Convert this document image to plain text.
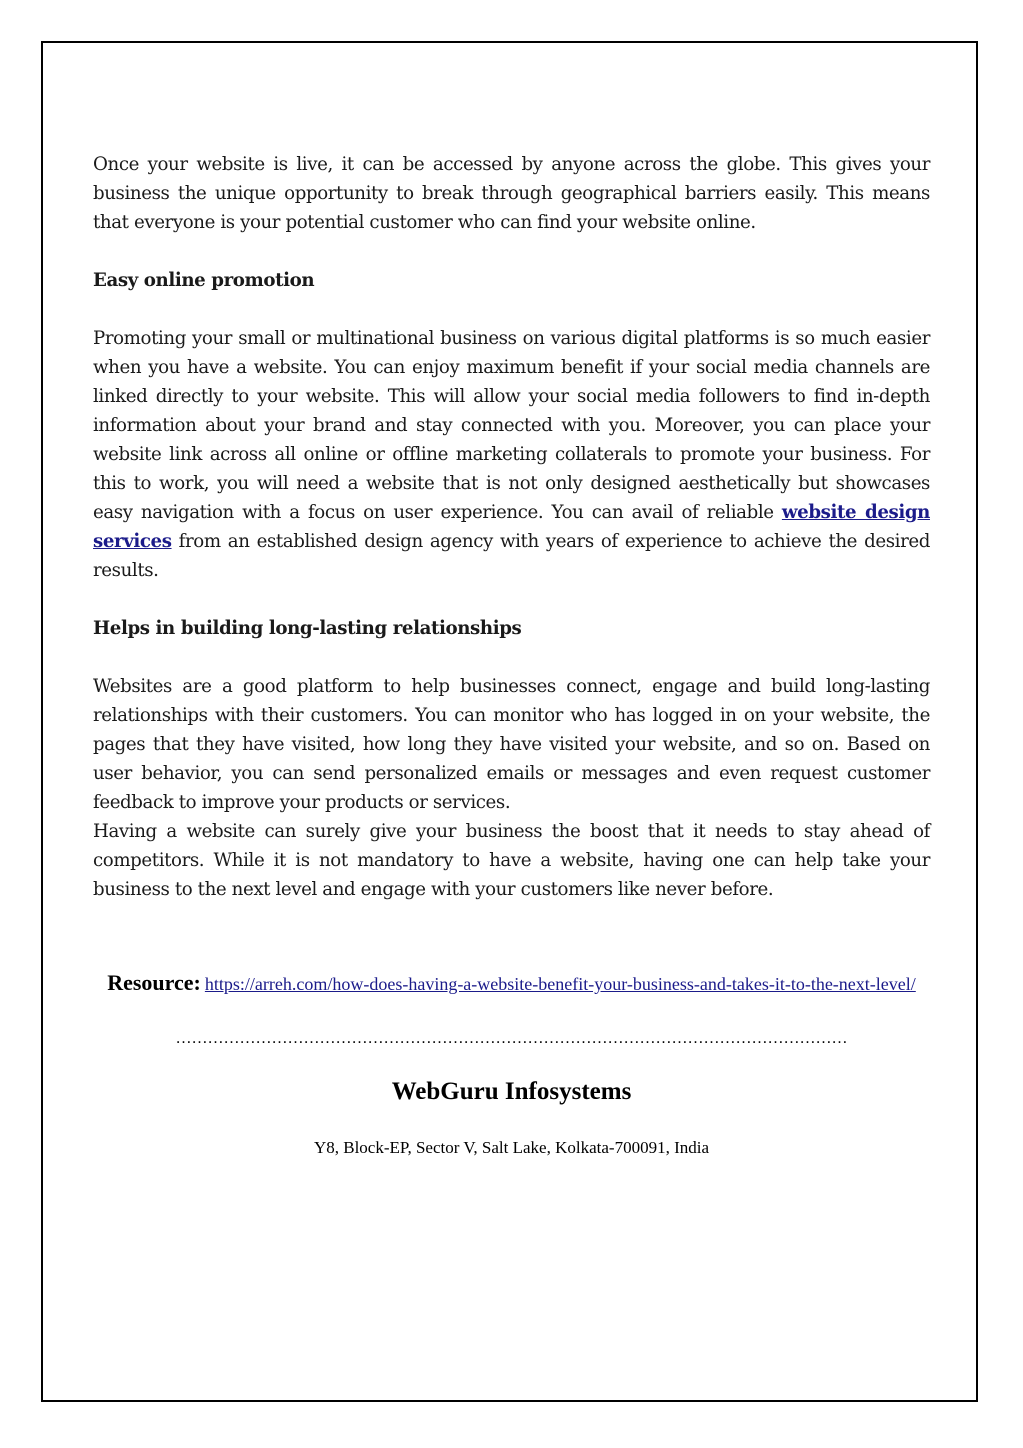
Once your website is live, it can be accessed by anyone across the globe. This gives your business the unique opportunity to break through geographical barriers easily. This means that everyone is your potential customer who can find your website online.

Easy online promotion

Promoting your small or multinational business on various digital platforms is so much easier when you have a website. You can enjoy maximum benefit if your social media channels are linked directly to your website. This will allow your social media followers to find in-depth information about your brand and stay connected with you. Moreover, you can place your website link across all online or offline marketing collaterals to promote your business. For this to work, you will need a website that is not only designed aesthetically but showcases easy navigation with a focus on user experience. You can avail of reliable website design services from an established design agency with years of experience to achieve the desired results.

Helps in building long-lasting relationships

Websites are a good platform to help businesses connect, engage and build long-lasting relationships with their customers. You can monitor who has logged in on your website, the pages that they have visited, how long they have visited your website, and so on. Based on user behavior, you can send personalized emails or messages and even request customer feedback to improve your products or services.

Having a website can surely give your business the boost that it needs to stay ahead of competitors. While it is not mandatory to have a website, having one can help take your business to the next level and engage with your customers like never before.

Resource: https://arreh.com/how-does-having-a-website-benefit-your-business-and-takes-it-to-the-next-level/
………………………………………………………………………………………………………………
WebGuru Infosystems
Y8, Block-EP, Sector V, Salt Lake, Kolkata-700091, India
